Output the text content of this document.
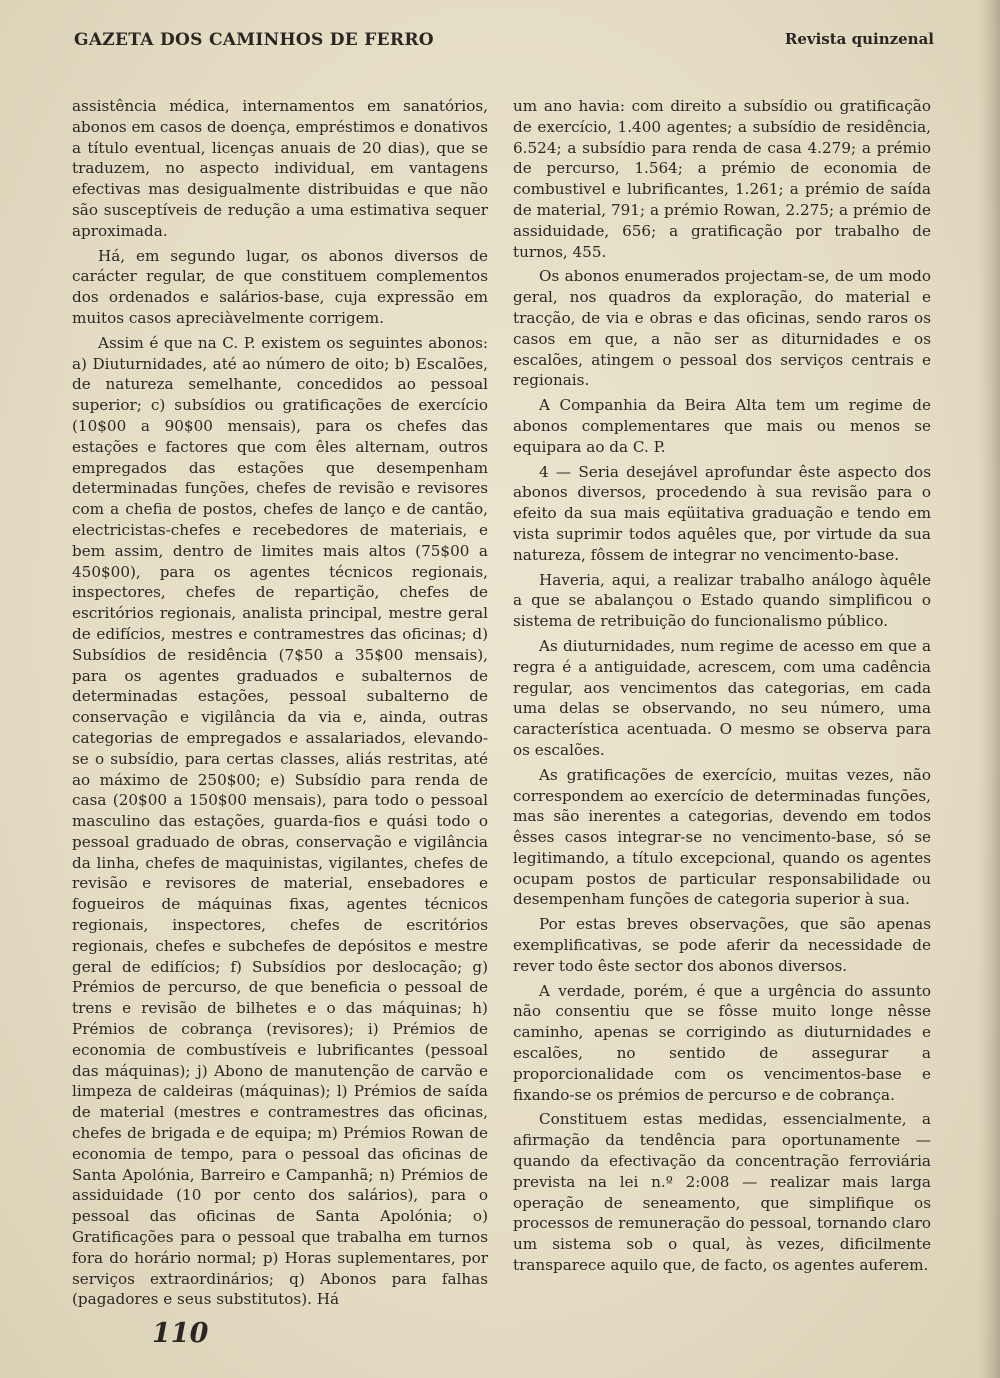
GAZETA DOS CAMINHOS DE FERRO	Revista quinzenal

assistência médica, internamentos em sanatórios, abonos em casos de doença, empréstimos e donativos a título eventual, licenças anuais de 20 dias), que se traduzem, no aspecto individual, em vantagens efectivas mas desigualmente distribuidas e que não são susceptíveis de redução a uma estimativa sequer aproximada.

Há, em segundo lugar, os abonos diversos de carácter regular, de que constituem complementos dos ordenados e salários-base, cuja expressão em muitos casos apreciàvelmente corrigem.

Assim é que na C. P. existem os seguintes abonos: a) Diuturnidades, até ao número de oito; b) Escalões, de natureza semelhante, concedidos ao pessoal superior; c) subsídios ou gratificações de exercício (10$00 a 90$00 mensais), para os chefes das estações e factores que com êles alternam, outros empregados das estações que desempenham determinadas funções, chefes de revisão e revisores com a chefia de postos, chefes de lanço e de cantão, electricistas-chefes e recebedores de materiais, e bem assim, dentro de limites mais altos (75$00 a 450$00), para os agentes técnicos regionais, inspectores, chefes de repartição, chefes de escritórios regionais, analista principal, mestre geral de edifícios, mestres e contramestres das oficinas; d) Subsídios de residência (7$50 a 35$00 mensais), para os agentes graduados e subalternos de determinadas estações, pessoal subalterno de conservação e vigilância da via e, ainda, outras categorias de empregados e assalariados, elevando-se o subsídio, para certas classes, aliás restritas, até ao máximo de 250$00; e) Subsídio para renda de casa (20$00 a 150$00 mensais), para todo o pessoal masculino das estações, guarda-fios e quási todo o pessoal graduado de obras, conservação e vigilância da linha, chefes de maquinistas, vigilantes, chefes de revisão e revisores de material, ensebadores e fogueiros de máquinas fixas, agentes técnicos regionais, inspectores, chefes de escritórios regionais, chefes e subchefes de depósitos e mestre geral de edifícios; f) Subsídios por deslocação; g) Prémios de percurso, de que beneficia o pessoal de trens e revisão de bilhetes e o das máquinas; h) Prémios de cobrança (revisores); i) Prémios de economia de combustíveis e lubrificantes (pessoal das máquinas); j) Abono de manutenção de carvão e limpeza de caldeiras (máquinas); l) Prémios de saída de material (mestres e contramestres das oficinas, chefes de brigada e de equipa; m) Prémios Rowan de economia de tempo, para o pessoal das oficinas de Santa Apolónia, Barreiro e Campanhã; n) Prémios de assiduidade (10 por cento dos salários), para o pessoal das oficinas de Santa Apolónia; o) Gratificações para o pessoal que trabalha em turnos fora do horário normal; p) Horas suplementares, por serviços extraordinários; q) Abonos para falhas (pagadores e seus substitutos). Há

um ano havia: com direito a subsídio ou gratificação de exercício, 1.400 agentes; a subsídio de residência, 6.524; a subsídio para renda de casa 4.279; a prémio de percurso, 1.564; a prémio de economia de combustivel e lubrificantes, 1.261; a prémio de saída de material, 791; a prémio Rowan, 2.275; a prémio de assiduidade, 656; a gratificação por trabalho de turnos, 455.

Os abonos enumerados projectam-se, de um modo geral, nos quadros da exploração, do material e tracção, de via e obras e das oficinas, sendo raros os casos em que, a não ser as diturnidades e os escalões, atingem o pessoal dos serviços centrais e regionais.

A Companhia da Beira Alta tem um regime de abonos complementares que mais ou menos se equipara ao da C. P.

4 — Seria desejável aprofundar êste aspecto dos abonos diversos, procedendo à sua revisão para o efeito da sua mais eqüitativa graduação e tendo em vista suprimir todos aquêles que, por virtude da sua natureza, fôssem de integrar no vencimento-base.

Haveria, aqui, a realizar trabalho análogo àquêle a que se abalançou o Estado quando simplificou o sistema de retribuição do funcionalismo público.

As diuturnidades, num regime de acesso em que a regra é a antiguidade, acrescem, com uma cadência regular, aos vencimentos das categorias, em cada uma delas se observando, no seu número, uma característica acentuada. O mesmo se observa para os escalões.

As gratificações de exercício, muitas vezes, não correspondem ao exercício de determinadas funções, mas são inerentes a categorias, devendo em todos êsses casos integrar-se no vencimento-base, só se legitimando, a título excepcional, quando os agentes ocupam postos de particular responsabilidade ou desempenham funções de categoria superior à sua.

Por estas breves observações, que são apenas exemplificativas, se pode aferir da necessidade de rever todo êste sector dos abonos diversos.

A verdade, porém, é que a urgência do assunto não consentiu que se fôsse muito longe nêsse caminho, apenas se corrigindo as diuturnidades e escalões, no sentido de assegurar a proporcionalidade com os vencimentos-base e fixando-se os prémios de percurso e de cobrança.

Constituem estas medidas, essencialmente, a afirmação da tendência para oportunamente — quando da efectivação da concentração ferroviária prevista na lei n.º 2:008 — realizar mais larga operação de seneamento, que simplifique os processos de remuneração do pessoal, tornando claro um sistema sob o qual, às vezes, dificilmente transparece aquilo que, de facto, os agentes auferem.

110
